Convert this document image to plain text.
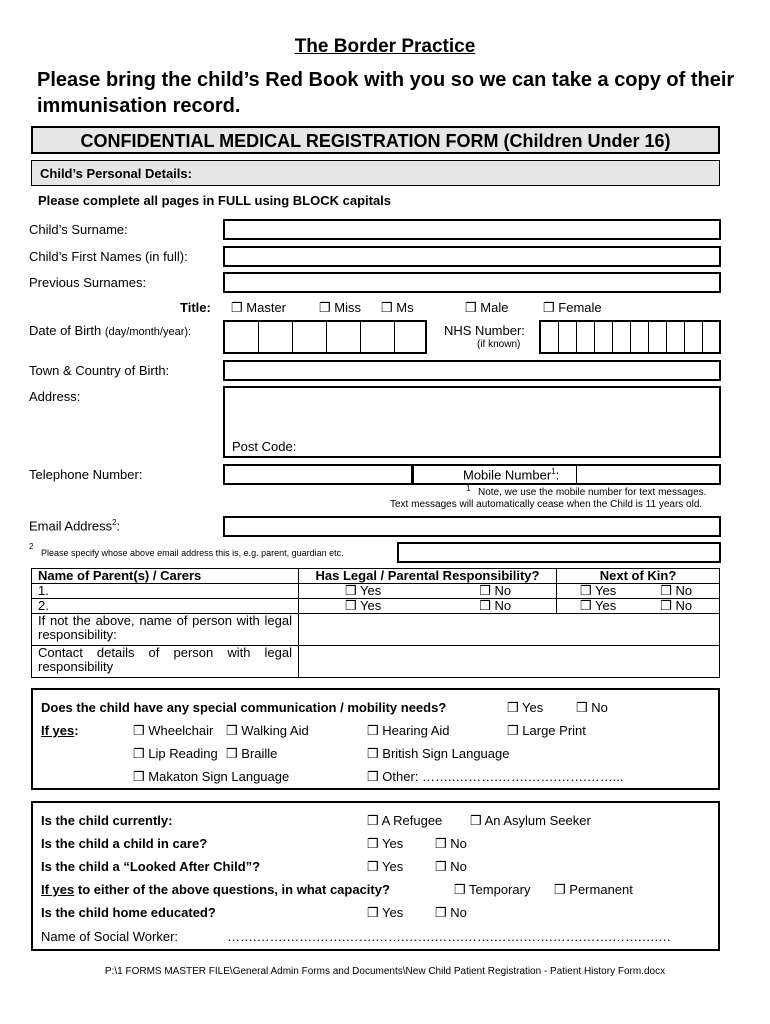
The Border Practice
Please bring the child’s Red Book with you so we can take a copy of their immunisation record.
CONFIDENTIAL MEDICAL REGISTRATION FORM (Children Under 16)
Child’s Personal Details:
Please complete all pages in FULL using BLOCK capitals
Child’s Surname:
Child’s First Names (in full):
Previous Surnames:
Title: ❒ Master	❒ Miss ❒ Ms	❒ Male	❒ Female
Date of Birth (day/month/year):	NHS Number:
(if known)
Town & Country of Birth:
Address:
Post Code:
Telephone Number:	Mobile Number$^1$:
1 Note, we use the mobile number for text messages.
Text messages will automatically cease when the Child is 11 years old.
Email Address$^2$:
2
Please specify whose above email address this is, e.g. parent, guardian etc.
Name of Parent(s) / Carers	Has Legal / Parental Responsibility?	Next of Kin?
1.	❒ Yes ❒ No	❒ Yes ❒ No
2.	❒ Yes ❒ No	❒ Yes ❒ No
If not the above, name of person with legal responsibility:		
Contact details of person with legal responsibility		
Does the child have any special communication / mobility needs?	❒ Yes	❒ No
If yes:	❒ Wheelchair ❒ Walking Aid	❒ Hearing Aid	❒ Large Print
❒ Lip Reading ❒ Braille	❒ British Sign Language
❒ Makaton Sign Language	❒ Other: ……..……….…….…….…….……...
Is the child currently:	❒ A Refugee ❒ An Asylum Seeker
Is the child a child in care?	❒ Yes ❒ No
Is the child a “Looked After Child”?	❒ Yes ❒ No
If yes to either of the above questions, in what capacity?	❒ Temporary ❒ Permanent
Is the child home educated?	❒ Yes ❒ No
Name of Social Worker:	…….…….…….…….…….…….…….…….…….…….…….…….…….…….….…
P:\1 FORMS MASTER FILE\General Admin Forms and Documents\New Child Patient Registration - Patient History Form.docx
